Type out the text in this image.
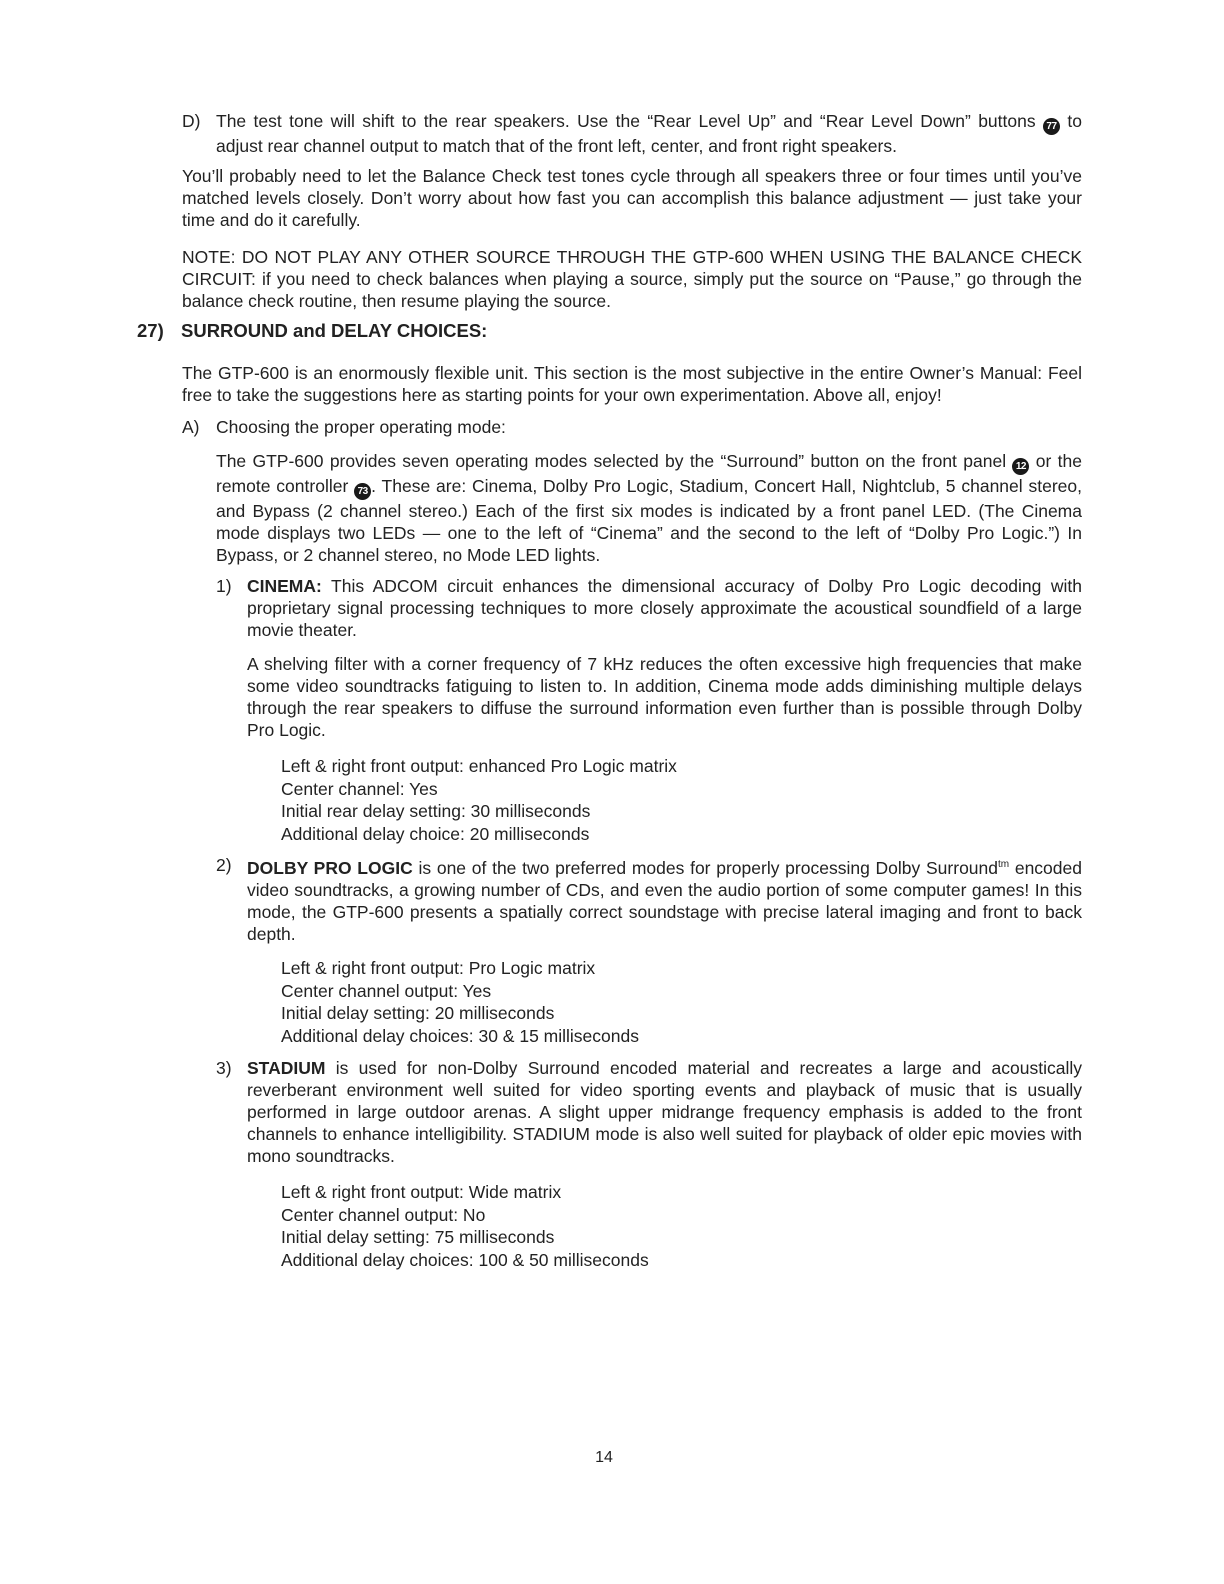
D) The test tone will shift to the rear speakers. Use the “Rear Level Up” and “Rear Level Down” buttons 77 to adjust rear channel output to match that of the front left, center, and front right speakers.

You’ll probably need to let the Balance Check test tones cycle through all speakers three or four times until you’ve matched levels closely. Don’t worry about how fast you can accomplish this balance adjustment — just take your time and do it carefully.

NOTE: DO NOT PLAY ANY OTHER SOURCE THROUGH THE GTP-600 WHEN USING THE BALANCE CHECK CIRCUIT: if you need to check balances when playing a source, simply put the source on “Pause,” go through the balance check routine, then resume playing the source.

27) SURROUND and DELAY CHOICES:

The GTP-600 is an enormously flexible unit. This section is the most subjective in the entire Owner’s Manual: Feel free to take the suggestions here as starting points for your own experimentation. Above all, enjoy!

A) Choosing the proper operating mode:

The GTP-600 provides seven operating modes selected by the “Surround” button on the front panel 12 or the remote controller 73 . These are: Cinema, Dolby Pro Logic, Stadium, Concert Hall, Nightclub, 5 channel stereo, and Bypass (2 channel stereo.) Each of the first six modes is indicated by a front panel LED. (The Cinema mode displays two LEDs — one to the left of “Cinema” and the second to the left of “Dolby Pro Logic.”) In Bypass, or 2 channel stereo, no Mode LED lights.

1) CINEMA: This ADCOM circuit enhances the dimensional accuracy of Dolby Pro Logic decoding with proprietary signal processing techniques to more closely approximate the acoustical soundfield of a large movie theater.

A shelving filter with a corner frequency of 7 kHz reduces the often excessive high frequencies that make some video soundtracks fatiguing to listen to. In addition, Cinema mode adds diminishing multiple delays through the rear speakers to diffuse the surround information even further than is possible through Dolby Pro Logic.

Left & right front output: enhanced Pro Logic matrix
Center channel: Yes
Initial rear delay setting: 30 milliseconds
Additional delay choice: 20 milliseconds
2) DOLBY PRO LOGIC is one of the two preferred modes for properly processing Dolby Surround$^{tm}$ encoded video soundtracks, a growing number of CDs, and even the audio portion of some computer games! In this mode, the GTP-600 presents a spatially correct soundstage with precise lateral imaging and front to back depth.

Left & right front output: Pro Logic matrix
Center channel output: Yes
Initial delay setting: 20 milliseconds
Additional delay choices: 30 & 15 milliseconds
3) STADIUM is used for non-Dolby Surround encoded material and recreates a large and acoustically reverberant environment well suited for video sporting events and playback of music that is usually performed in large outdoor arenas. A slight upper midrange frequency emphasis is added to the front channels to enhance intelligibility. STADIUM mode is also well suited for playback of older epic movies with mono soundtracks.

Left & right front output: Wide matrix
Center channel output: No
Initial delay setting: 75 milliseconds
Additional delay choices: 100 & 50 milliseconds
14
